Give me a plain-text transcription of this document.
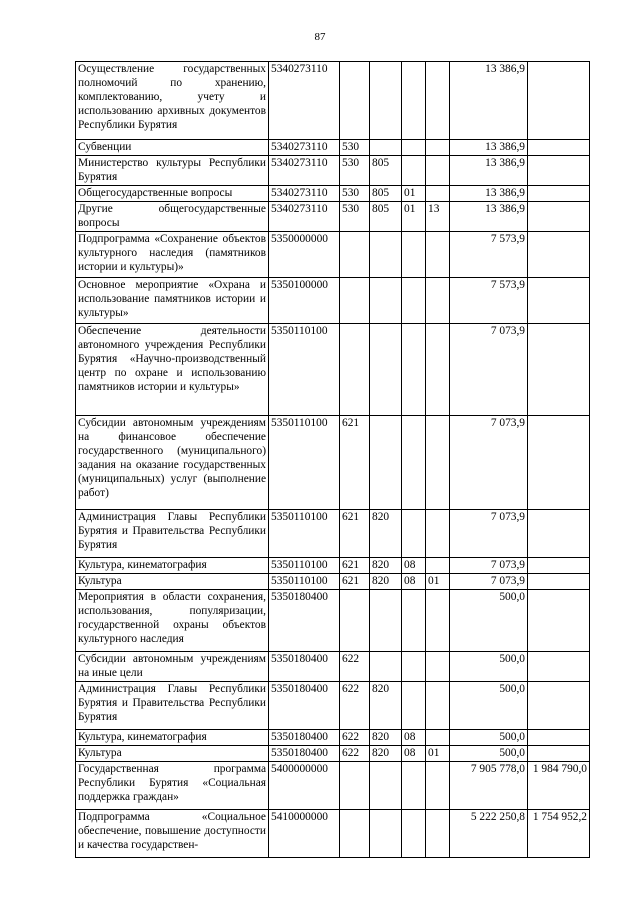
87
Осуществление государственных полномочий по хранению, комплектованию, учету и использованию архивных документов Республики Бурятия	5340273110					13 386,9	
Субвенции	5340273110	530				13 386,9	
Министерство культуры Республики Бурятия	5340273110	530	805			13 386,9	
Общегосударственные вопросы	5340273110	530	805	01		13 386,9	
Другие общегосударственные вопросы	5340273110	530	805	01	13	13 386,9	
Подпрограмма «Сохранение объектов культурного наследия (памятников истории и культуры)»	5350000000					7 573,9	
Основное мероприятие «Охрана и использование памятников истории и культуры»	5350100000					7 573,9	
Обеспечение деятельности автономного учреждения Республики Бурятия «Научно-производственный центр по охране и использованию памятников истории и культуры»	5350110100					7 073,9	
Субсидии автономным учреждениям на финансовое обеспечение государственного (муниципального) задания на оказание государственных (муниципальных) услуг (выполнение работ)	5350110100	621				7 073,9	
Администрация Главы Республики Бурятия и Правительства Республики Бурятия	5350110100	621	820			7 073,9	
Культура, кинематография	5350110100	621	820	08		7 073,9	
Культура	5350110100	621	820	08	01	7 073,9	
Мероприятия в области сохранения, использования, популяризации, государственной охраны объектов культурного наследия	5350180400					500,0	
Субсидии автономным учреждениям на иные цели	5350180400	622				500,0	
Администрация Главы Республики Бурятия и Правительства Республики Бурятия	5350180400	622	820			500,0	
Культура, кинематография	5350180400	622	820	08		500,0	
Культура	5350180400	622	820	08	01	500,0	
Государственная программа Республики Бурятия «Социальная поддержка граждан»	5400000000					7 905 778,0	1 984 790,0
Подпрограмма «Социальное обеспечение, повышение доступности и качества государствен-	5410000000					5 222 250,8	1 754 952,2
